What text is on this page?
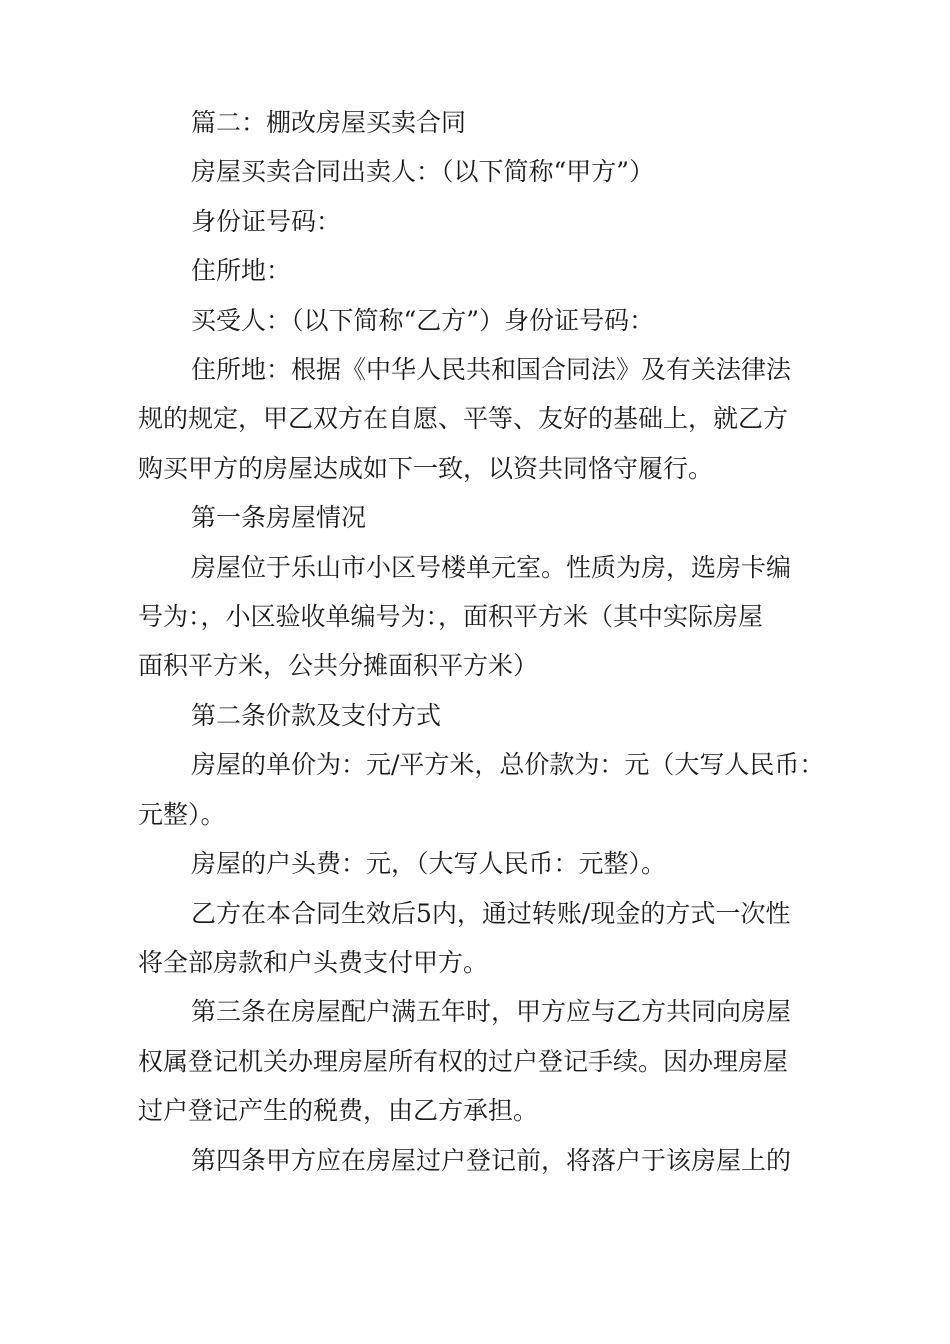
篇二：棚改房屋买卖合同

房屋买卖合同出卖人：（以下简称“甲方”）

身份证号码：

住所地：

买受人：（以下简称“乙方”）身份证号码：

住所地：根据《中华人民共和国合同法》及有关法律法
规的规定，甲乙双方在自愿、平等、友好的基础上，就乙方
购买甲方的房屋达成如下一致，以资共同恪守履行。

第一条房屋情况

房屋位于乐山市小区号楼单元室。性质为房，选房卡编
号为：，小区验收单编号为：，面积平方米（其中实际房屋
面积平方米，公共分摊面积平方米）

第二条价款及支付方式

房屋的单价为：元/平方米，总价款为：元（大写人民币：
元整）。

房屋的户头费：元，（大写人民币：元整）。

乙方在本合同生效后5内，通过转账/现金的方式一次性
将全部房款和户头费支付甲方。
第三条在房屋配户满五年时，甲方应与乙方共同向房屋
权属登记机关办理房屋所有权的过户登记手续。因办理房屋
过户登记产生的税费，由乙方承担。
第四条甲方应在房屋过户登记前，将落户于该房屋上的
